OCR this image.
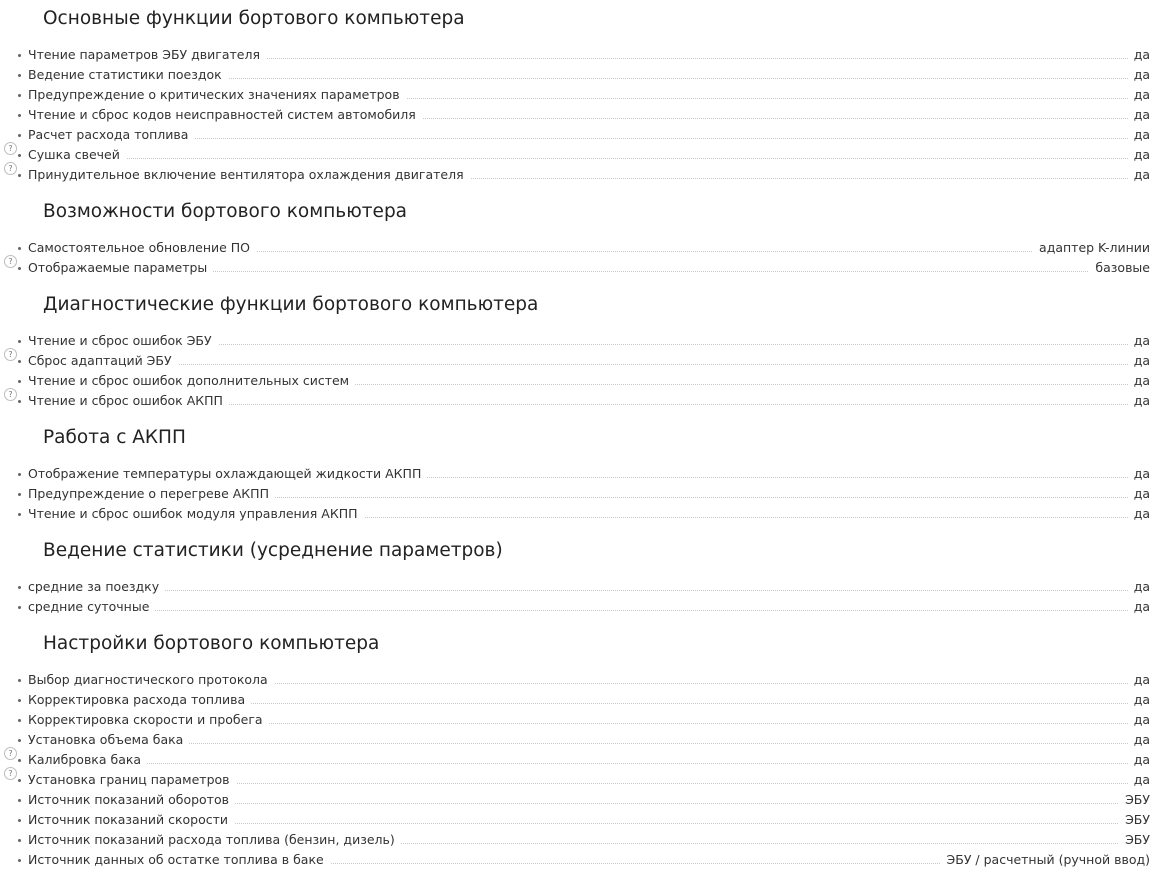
Основные функции бортового компьютера
Чтение параметров ЭБУ двигателя	да
Ведение статистики поездок	да
Предупреждение о критических значениях параметров	да
Чтение и сброс кодов неисправностей систем автомобиля	да
Расчет расхода топлива	да
?	Сушка свечей	да
?	Принудительное включение вентилятора охлаждения двигателя	да
Возможности бортового компьютера
Самостоятельное обновление ПО	адаптер K-линии
?	Отображаемые параметры	базовые
Диагностические функции бортового компьютера
Чтение и сброс ошибок ЭБУ	да
?	Сброс адаптаций ЭБУ	да
Чтение и сброс ошибок дополнительных систем	да
?	Чтение и сброс ошибок АКПП	да
Работа с АКПП
Отображение температуры охлаждающей жидкости АКПП	да
Предупреждение о перегреве АКПП	да
Чтение и сброс ошибок модуля управления АКПП	да
Ведение статистики (усреднение параметров)
средние за поездку	да
средние суточные	да
Настройки бортового компьютера
Выбор диагностического протокола	да
Корректировка расхода топлива	да
Корректировка скорости и пробега	да
Установка объема бака	да
?	Калибровка бака	да
?	Установка границ параметров	да
Источник показаний оборотов	ЭБУ
Источник показаний скорости	ЭБУ
Источник показаний расхода топлива (бензин, дизель)	ЭБУ
Источник данных об остатке топлива в баке	ЭБУ / расчетный (ручной ввод)
